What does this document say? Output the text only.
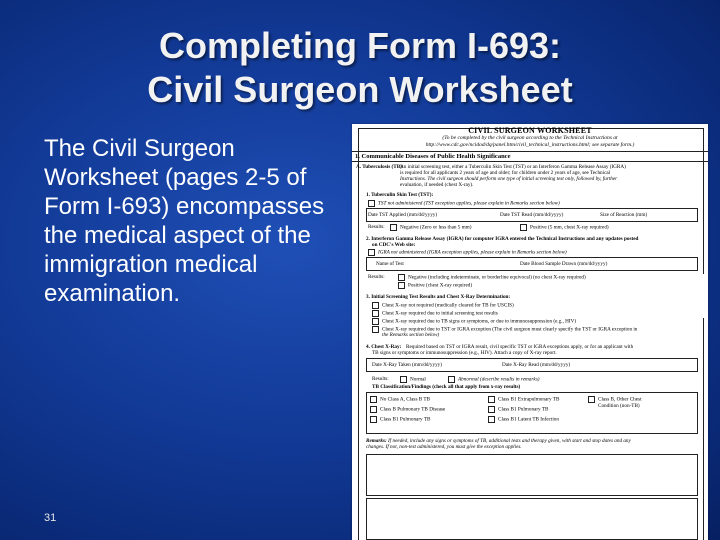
Completing Form I-693:
Civil Surgeon Worksheet
The Civil Surgeon Worksheet (pages 2-5 of Form I-693) encompasses the medical aspect of the immigration medical examination.
31
CIVIL SURGEON WORKSHEET
(To be completed by the civil surgeon according to the Technical Instructions at
http://www.cdc.gov/ncidod/dq/panel.htm/civil_technical_instructions.html; see separate form.)
1. Communicable Diseases of Public Health Significance
A. Tuberculosis (TB):
An initial screening test, either a Tuberculin Skin Test (TST) or an Interferon Gamma Release Assay (IGRA)
is required for all applicants 2 years of age and older; for children under 2 years of age, see Technical
Instructions. The civil surgeon should perform one type of initial screening test only, followed by, further
evaluation, if needed (chest X-ray).
1. Tuberculin Skin Test (TST):
TST not administered (TST exception applies, please explain in Remarks section below)
Date TST Applied (mm/dd/yyyy)	Date TST Read (mm/dd/yyyy)	Size of Reaction (mm)
Results:	Negative (Zero or less than 5 mm)	Positive (5 mm, chest X-ray required)
2. Interferon Gamma Release Assay (IGRA) for computer IGRA entered the Technical Instructions and any updates posted
on CDC's Web site:
IGRA not administered (IGRA exception applies, please explain in Remarks section below)
Name of Test	Date Blood Sample Drawn (mm/dd/yyyy)
Results:	Negative (including indeterminate, or borderline equivocal) (no chest X-ray required)
Positive (chest X-ray required)
3. Initial Screening Test Results and Chest X-Ray Determination:
Chest X-ray not required (medically cleared for TB for USCIS)
Chest X-ray required due to initial screening test results
Chest X-ray required due to TB signs or symptoms, or due to immunosuppression (e.g., HIV)
Chest X-ray required due to TST or IGRA exception (The civil surgeon must clearly specify the TST or IGRA exception in
the Remarks section below)
4. Chest X-Ray: Required based on TST or IGRA result, civil specific TST or IGRA exceptions apply, or for an applicant with
TB signs or symptoms or immunosuppression (e.g., HIV). Attach a copy of X-ray report.
Date X-Ray Taken (mm/dd/yyyy)	Date X-Ray Read (mm/dd/yyyy)
Results:	Normal	Abnormal (describe results in remarks)
TB Classification/Findings (check all that apply from x-ray results)
No Class A, Class B TB	Class B1 Extrapulmonary TB	Class B, Other Chest
Condition (non-TB)
Class B Pulmonary TB Disease	Class B1 Pulmonary TB
Class B1 Pulmonary TB	Class B1 Latent TB Infection
Remarks: If needed, include any signs or symptoms of TB, additional tests and therapy given, with start and stop dates and any
changes. If not, non-test administered, you must give the exception applies.
